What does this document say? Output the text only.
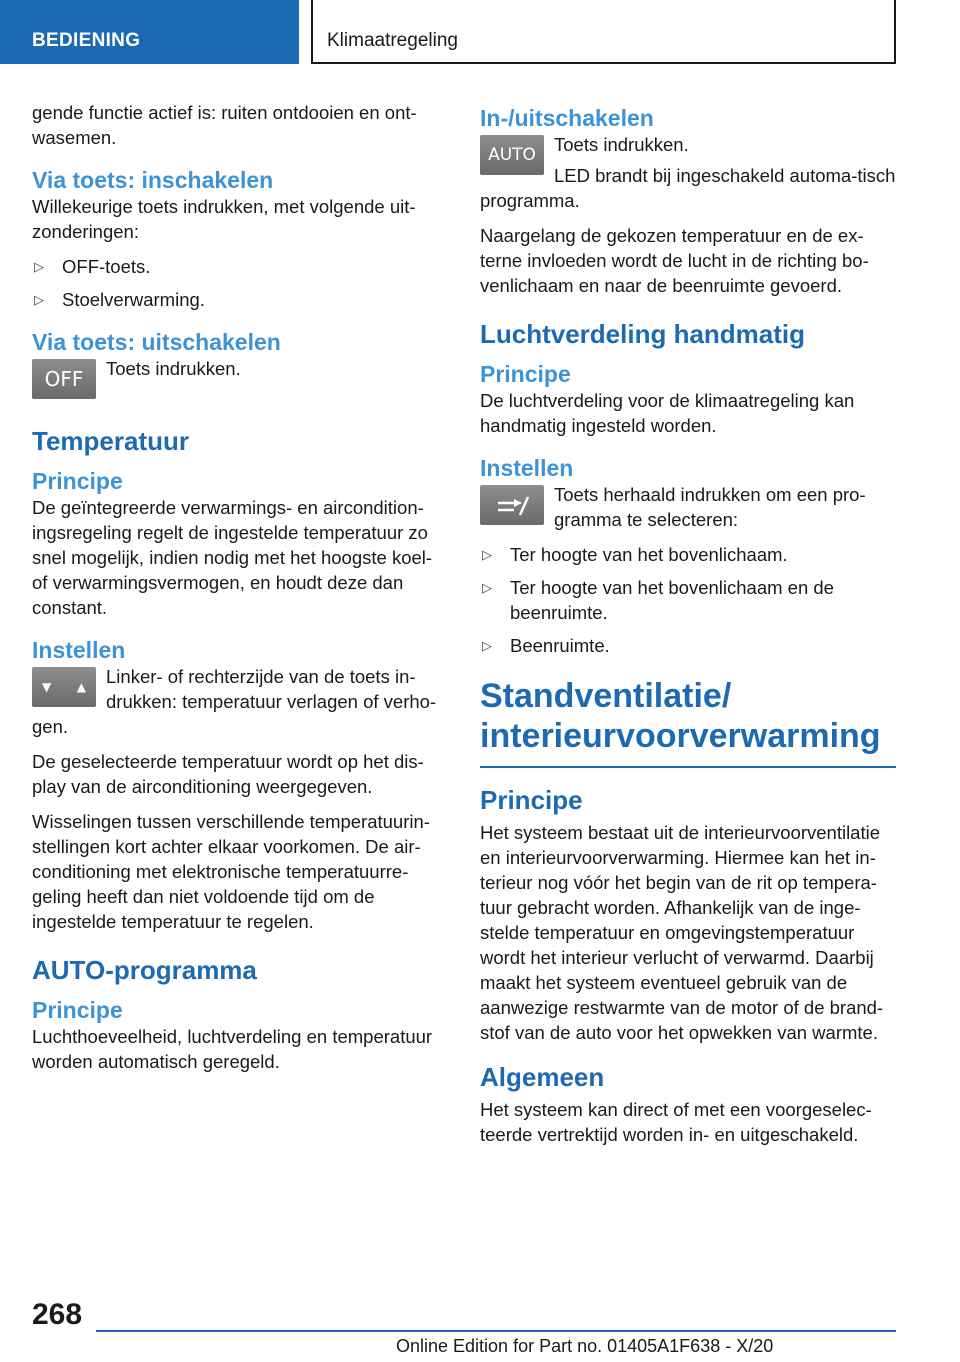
BEDIENING	Klimaatregeling

gende functie actief is: ruiten ontdooien en ont-wasemen.

Via toets: inschakelen

Willekeurige toets indrukken, met volgende uit-zonderingen:

▷ OFF-toets.
▷ Stoelverwarming.
Via toets: uitschakelen
OFF	Toets indrukken.

Temperatuur
Principe

De geïntegreerde verwarmings- en aircondition-ingsregeling regelt de ingestelde temperatuur zo snel mogelijk, indien nodig met het hoogste koel- of verwarmingsvermogen, en houdt deze dan constant.

Instellen
▼ ▲	Linker- of rechterzijde van de toets in-drukken: temperatuur verlagen of verho-gen.

De geselecteerde temperatuur wordt op het dis-play van de airconditioning weergegeven.

Wisselingen tussen verschillende temperatuurin-stellingen kort achter elkaar voorkomen. De air-conditioning met elektronische temperatuurre-geling heeft dan niet voldoende tijd om de ingestelde temperatuur te regelen.

AUTO-programma
Principe

Luchthoeveelheid, luchtverdeling en temperatuur worden automatisch geregeld.

In-/uitschakelen
AUTO Toets indrukken.

LED brandt bij ingeschakeld automa-tisch programma.

Naargelang de gekozen temperatuur en de ex-terne invloeden wordt de lucht in de richting bo-venlichaam en naar de beenruimte gevoerd.

Luchtverdeling handmatig
Principe

De luchtverdeling voor de klimaatregeling kan handmatig ingesteld worden.

Instellen

Toets herhaald indrukken om een pro-gramma te selecteren:

▷ Ter hoogte van het bovenlichaam.
▷ Ter hoogte van het bovenlichaam en de beenruimte.
▷ Beenruimte.
Standventilatie/
interieurvoorverwarming
Principe

Het systeem bestaat uit de interieurvoorventilatie en interieurvoorverwarming. Hiermee kan het in-terieur nog vóór het begin van de rit op tempera-tuur gebracht worden. Afhankelijk van de inge-stelde temperatuur en omgevingstemperatuur wordt het interieur verlucht of verwarmd. Daarbij maakt het systeem eventueel gebruik van de aanwezige restwarmte van de motor of de brand-stof van de auto voor het opwekken van warmte.

Algemeen

Het systeem kan direct of met een voorgeselec-teerde vertrektijd worden in- en uitgeschakeld.

268
Online Edition for Part no. 01405A1F638 - X/20
